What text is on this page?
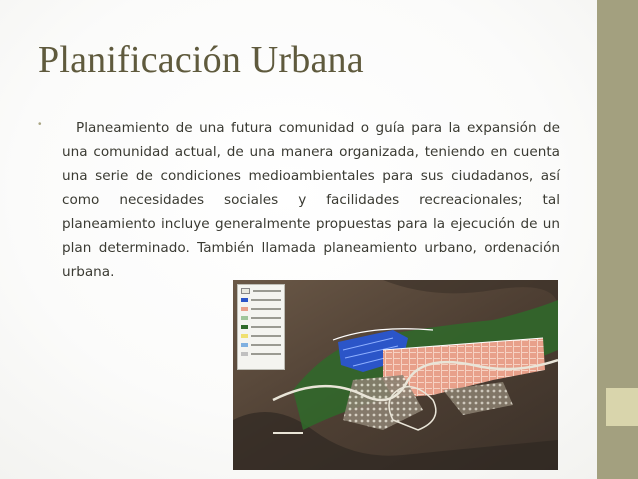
Planificación Urbana
•	Planeamiento de una futura comunidad o guía para la expansión de una comunidad actual, de una manera organizada, teniendo en cuenta una serie de condiciones medioambientales para sus ciudadanos, así como necesidades sociales y facilidades recreacionales; tal planeamiento incluye generalmente propuestas para la ejecución de un plan determinado. También llamada planeamiento urbano, ordenación urbana.
